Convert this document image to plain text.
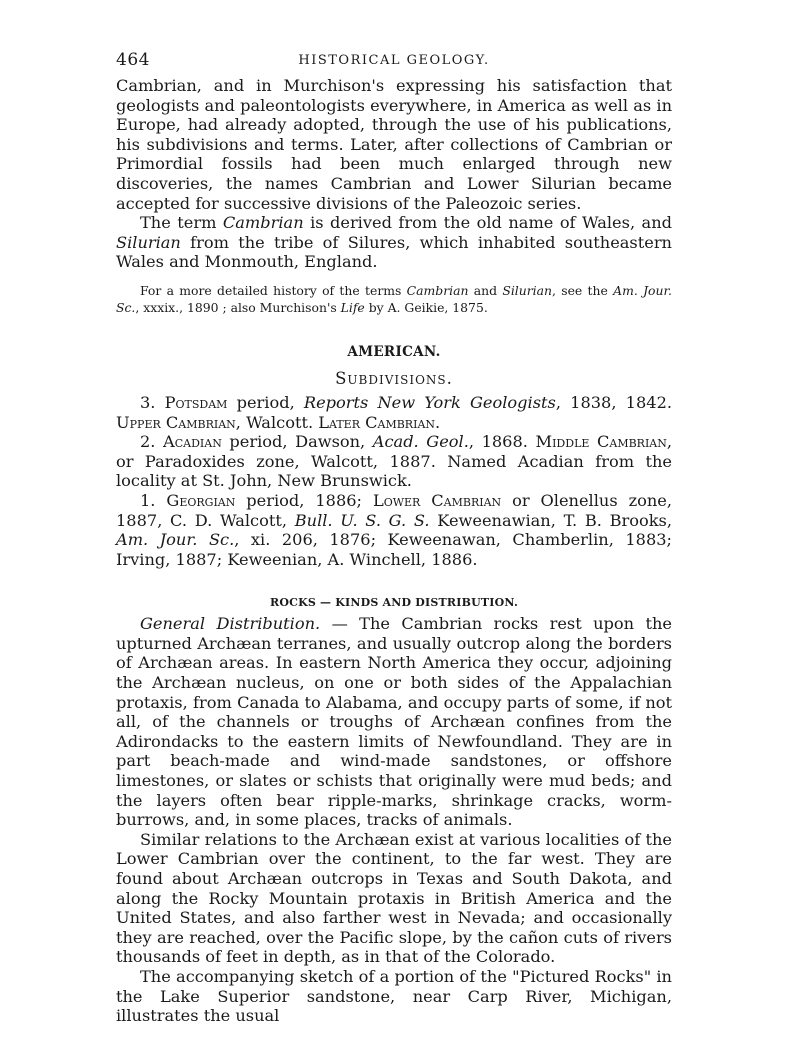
464	HISTORICAL GEOLOGY.

Cambrian, and in Murchison's expressing his satisfaction that geologists and paleontologists everywhere, in America as well as in Europe, had already adopted, through the use of his publications, his subdivisions and terms. Later, after collections of Cambrian or Primordial fossils had been much enlarged through new discoveries, the names Cambrian and Lower Silurian became accepted for successive divisions of the Paleozoic series.

The term Cambrian is derived from the old name of Wales, and Silurian from the tribe of Silures, which inhabited southeastern Wales and Monmouth, England.

For a more detailed history of the terms Cambrian and Silurian, see the Am. Jour. Sc., xxxix., 1890 ; also Murchison's Life by A. Geikie, 1875.

AMERICAN.
Subdivisions.

3. Potsdam period, Reports New York Geologists, 1838, 1842. Upper Cambrian, Walcott. Later Cambrian.

2. Acadian period, Dawson, Acad. Geol., 1868. Middle Cambrian, or Paradoxides zone, Walcott, 1887. Named Acadian from the locality at St. John, New Brunswick.

1. Georgian period, 1886; Lower Cambrian or Olenellus zone, 1887, C. D. Walcott, Bull. U. S. G. S. Keweenawian, T. B. Brooks, Am. Jour. Sc., xi. 206, 1876; Keweenawan, Chamberlin, 1883; Irving, 1887; Keweenian, A. Winchell, 1886.

ROCKS — KINDS AND DISTRIBUTION.

General Distribution. — The Cambrian rocks rest upon the upturned Archæan terranes, and usually outcrop along the borders of Archæan areas. In eastern North America they occur, adjoining the Archæan nucleus, on one or both sides of the Appalachian protaxis, from Canada to Alabama, and occupy parts of some, if not all, of the channels or troughs of Archæan confines from the Adirondacks to the eastern limits of Newfoundland. They are in part beach-made and wind-made sandstones, or offshore limestones, or slates or schists that originally were mud beds; and the layers often bear ripple-marks, shrinkage cracks, worm-burrows, and, in some places, tracks of animals.

Similar relations to the Archæan exist at various localities of the Lower Cambrian over the continent, to the far west. They are found about Archæan outcrops in Texas and South Dakota, and along the Rocky Mountain protaxis in British America and the United States, and also farther west in Nevada; and occasionally they are reached, over the Pacific slope, by the cañon cuts of rivers thousands of feet in depth, as in that of the Colorado.

The accompanying sketch of a portion of the "Pictured Rocks" in the Lake Superior sandstone, near Carp River, Michigan, illustrates the usual
